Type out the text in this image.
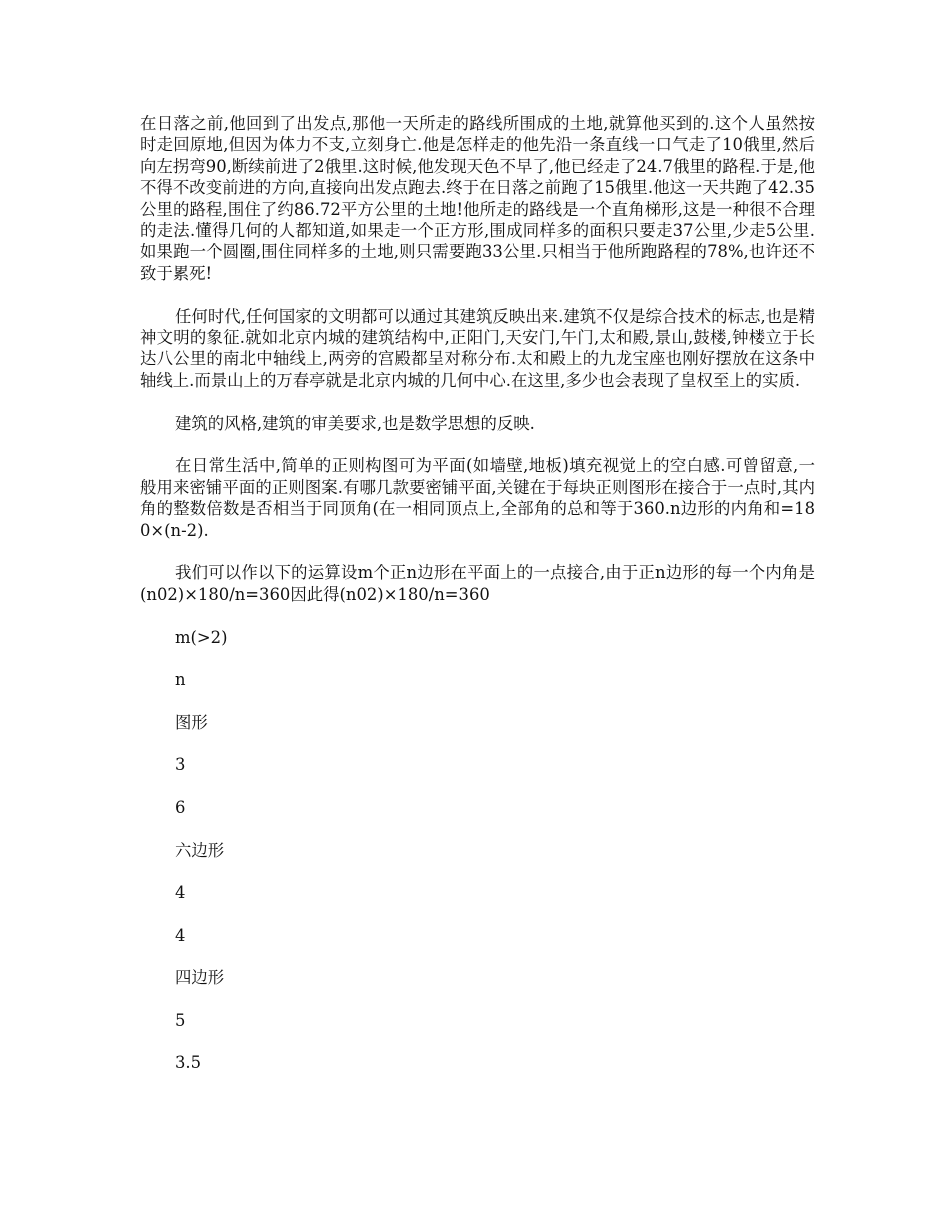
在日落之前,他回到了出发点,那他一天所走的路线所围成的土地,就算他买到的.这个人虽然按时走回原地,但因为体力不支,立刻身亡.他是怎样走的他先沿一条直线一口气走了10俄里,然后向左拐弯90,断续前进了2俄里.这时候,他发现天色不早了,他已经走了24.7俄里的路程.于是,他不得不改变前进的方向,直接向出发点跑去.终于在日落之前跑了15俄里.他这一天共跑了42.35公里的路程,围住了约86.72平方公里的土地!他所走的路线是一个直角梯形,这是一种很不合理的走法.懂得几何的人都知道,如果走一个正方形,围成同样多的面积只要走37公里,少走5公里.如果跑一个圆圈,围住同样多的土地,则只需要跑33公里.只相当于他所跑路程的78%,也许还不致于累死!

任何时代,任何国家的文明都可以通过其建筑反映出来.建筑不仅是综合技术的标志,也是精神文明的象征.就如北京内城的建筑结构中,正阳门,天安门,午门,太和殿,景山,鼓楼,钟楼立于长达八公里的南北中轴线上,两旁的宫殿都呈对称分布.太和殿上的九龙宝座也刚好摆放在这条中轴线上.而景山上的万春亭就是北京内城的几何中心.在这里,多少也会表现了皇权至上的实质.

建筑的风格,建筑的审美要求,也是数学思想的反映.

在日常生活中,简单的正则构图可为平面(如墙壁,地板)填充视觉上的空白感.可曾留意,一般用来密铺平面的正则图案.有哪几款要密铺平面,关键在于每块正则图形在接合于一点时,其内角的整数倍数是否相当于同顶角(在一相同顶点上,全部角的总和等于360.n边形的内角和=180×(n-2).

我们可以作以下的运算设m个正n边形在平面上的一点接合,由于正n边形的每一个内角是(n02)×180/n=360因此得(n02)×180/n=360

m(>2)

n

图形

3

6

六边形

4

4

四边形

5

3.5
